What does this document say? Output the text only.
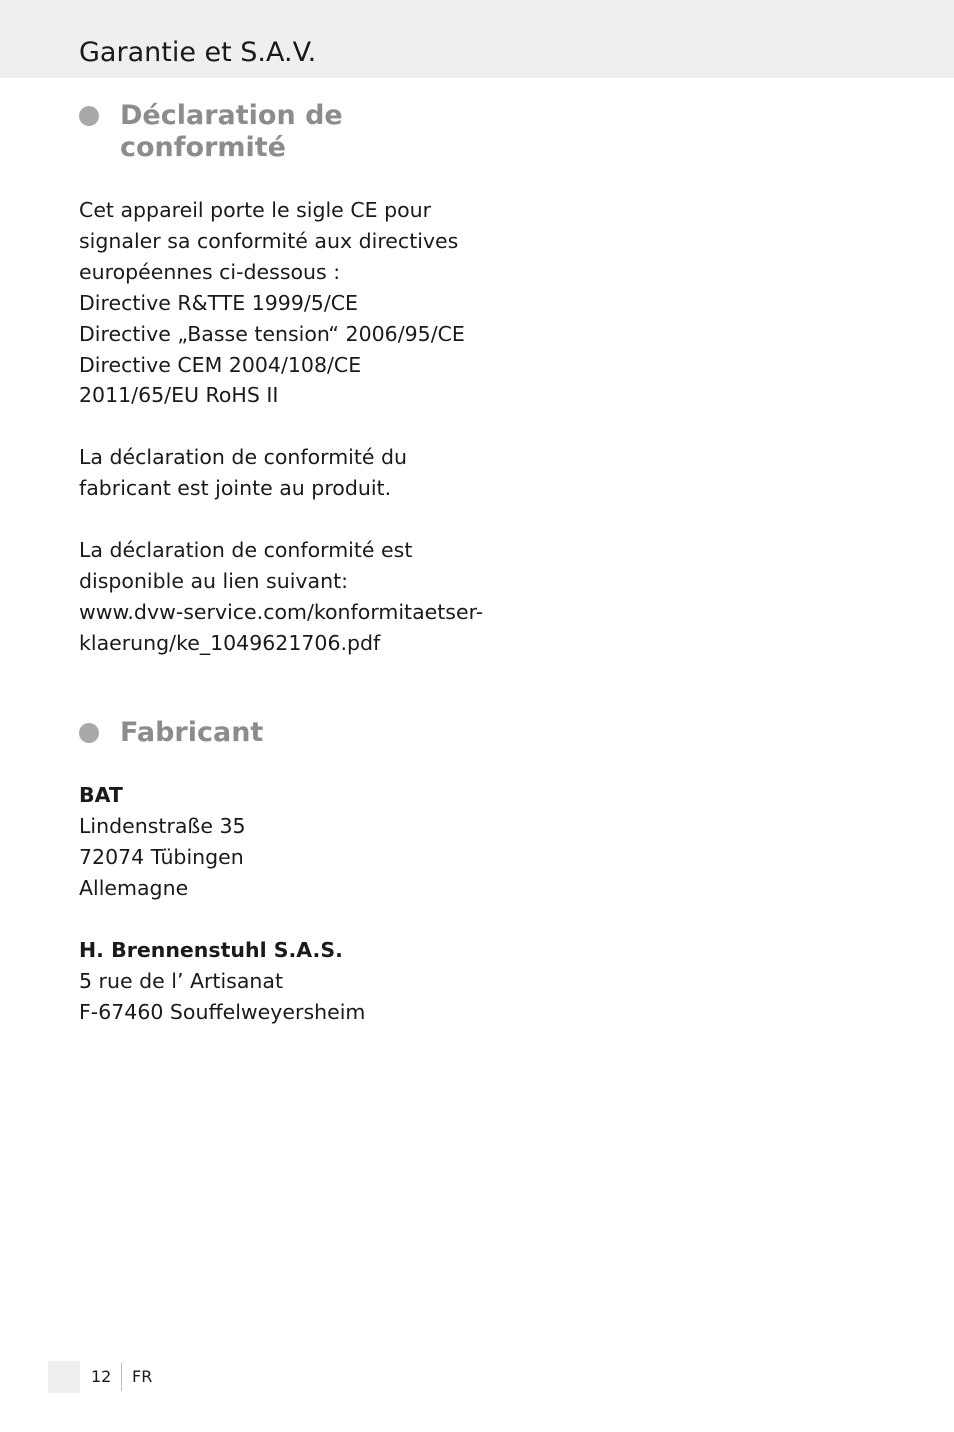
Garantie et S.A.V.
Déclaration de
conformité
Cet appareil porte le sigle CE pour
signaler sa conformité aux directives
européennes ci-dessous :
Directive R&TTE 1999/5/CE
Directive „Basse tension“ 2006/95/CE
Directive CEM 2004/108/CE
2011/65/EU RoHS II
La déclaration de conformité du
fabricant est jointe au produit.
La déclaration de conformité est
disponible au lien suivant:
www.dvw-service.com/konformitaetser-
klaerung/ke_1049621706.pdf
Fabricant
BAT
Lindenstraße 35
72074 Tübingen
Allemagne
H. Brennenstuhl S.A.S.
5 rue de l’ Artisanat
F-67460 Souffelweyersheim
12 FR
